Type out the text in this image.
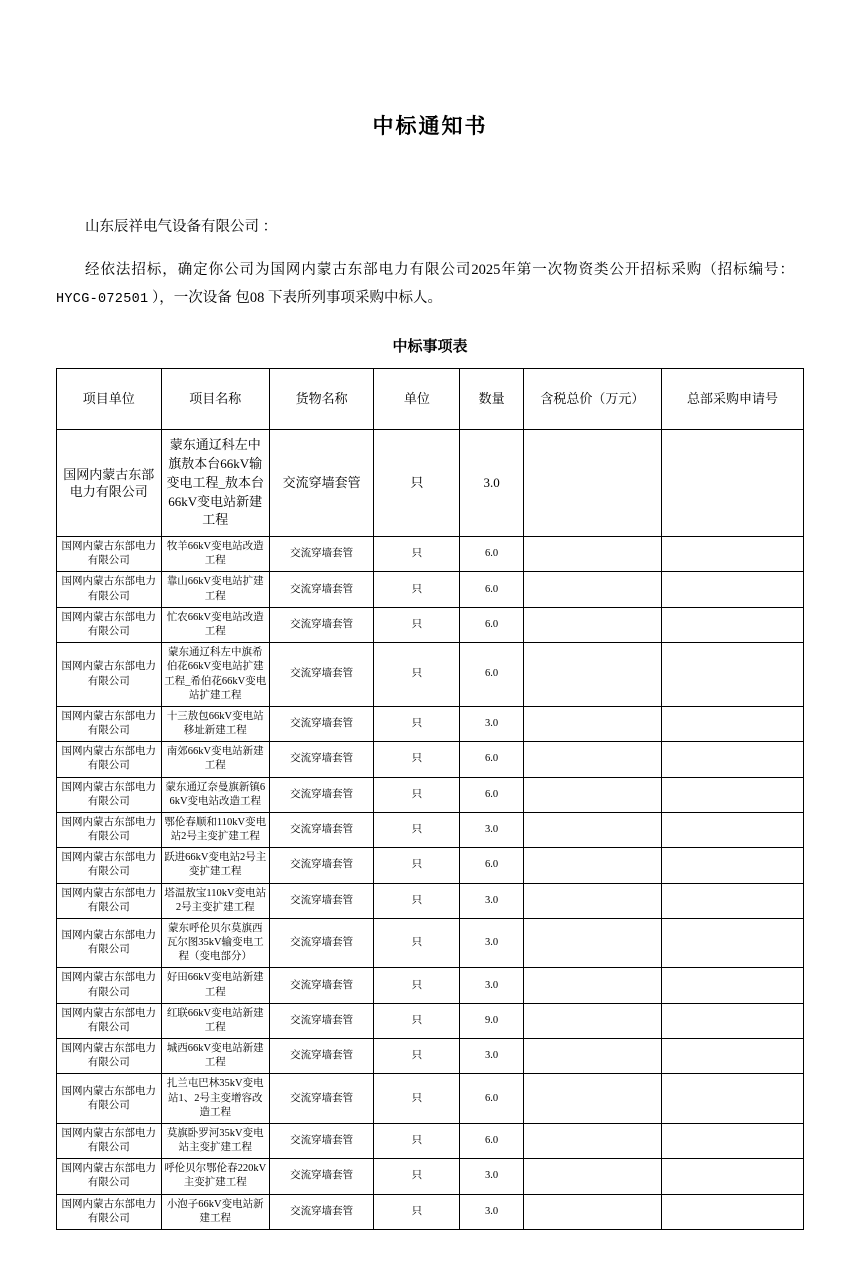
中标通知书
山东辰祥电气设备有限公司 ：
经依法招标，确定你公司为国网内蒙古东部电力有限公司2025年第一次物资类公开招标采购（招标编号： HYCG-072501 ），一次设备 包08 下表所列事项采购中标人。
中标事项表
项目单位	项目名称	货物名称	单位	数量	含税总价（万元）	总部采购申请号
国网内蒙古东部电力有限公司	蒙东通辽科左中旗敖本台66kV输变电工程_敖本台66kV变电站新建工程	交流穿墙套管	只	3.0		
国网内蒙古东部电力有限公司	牧羊66kV变电站改造工程	交流穿墙套管	只	6.0		
国网内蒙古东部电力有限公司	靠山66kV变电站扩建工程	交流穿墙套管	只	6.0		
国网内蒙古东部电力有限公司	忙农66kV变电站改造工程	交流穿墙套管	只	6.0		
国网内蒙古东部电力有限公司	蒙东通辽科左中旗希伯花66kV变电站扩建工程_希伯花66kV变电站扩建工程	交流穿墙套管	只	6.0		
国网内蒙古东部电力有限公司	十三敖包66kV变电站移址新建工程	交流穿墙套管	只	3.0		
国网内蒙古东部电力有限公司	南郊66kV变电站新建工程	交流穿墙套管	只	6.0		
国网内蒙古东部电力有限公司	蒙东通辽奈曼旗新镇66kV变电站改造工程	交流穿墙套管	只	6.0		
国网内蒙古东部电力有限公司	鄂伦春顺和110kV变电站2号主变扩建工程	交流穿墙套管	只	3.0		
国网内蒙古东部电力有限公司	跃进66kV变电站2号主变扩建工程	交流穿墙套管	只	6.0		
国网内蒙古东部电力有限公司	塔温敖宝110kV变电站2号主变扩建工程	交流穿墙套管	只	3.0		
国网内蒙古东部电力有限公司	蒙东呼伦贝尔莫旗西瓦尔图35kV输变电工程（变电部分）	交流穿墙套管	只	3.0		
国网内蒙古东部电力有限公司	好田66kV变电站新建工程	交流穿墙套管	只	3.0		
国网内蒙古东部电力有限公司	红联66kV变电站新建工程	交流穿墙套管	只	9.0		
国网内蒙古东部电力有限公司	城西66kV变电站新建工程	交流穿墙套管	只	3.0		
国网内蒙古东部电力有限公司	扎兰屯巴林35kV变电站1、2号主变增容改造工程	交流穿墙套管	只	6.0		
国网内蒙古东部电力有限公司	莫旗卧罗河35kV变电站主变扩建工程	交流穿墙套管	只	6.0		
国网内蒙古东部电力有限公司	呼伦贝尔鄂伦春220kV主变扩建工程	交流穿墙套管	只	3.0		
国网内蒙古东部电力有限公司	小泡子66kV变电站新建工程	交流穿墙套管	只	3.0		
